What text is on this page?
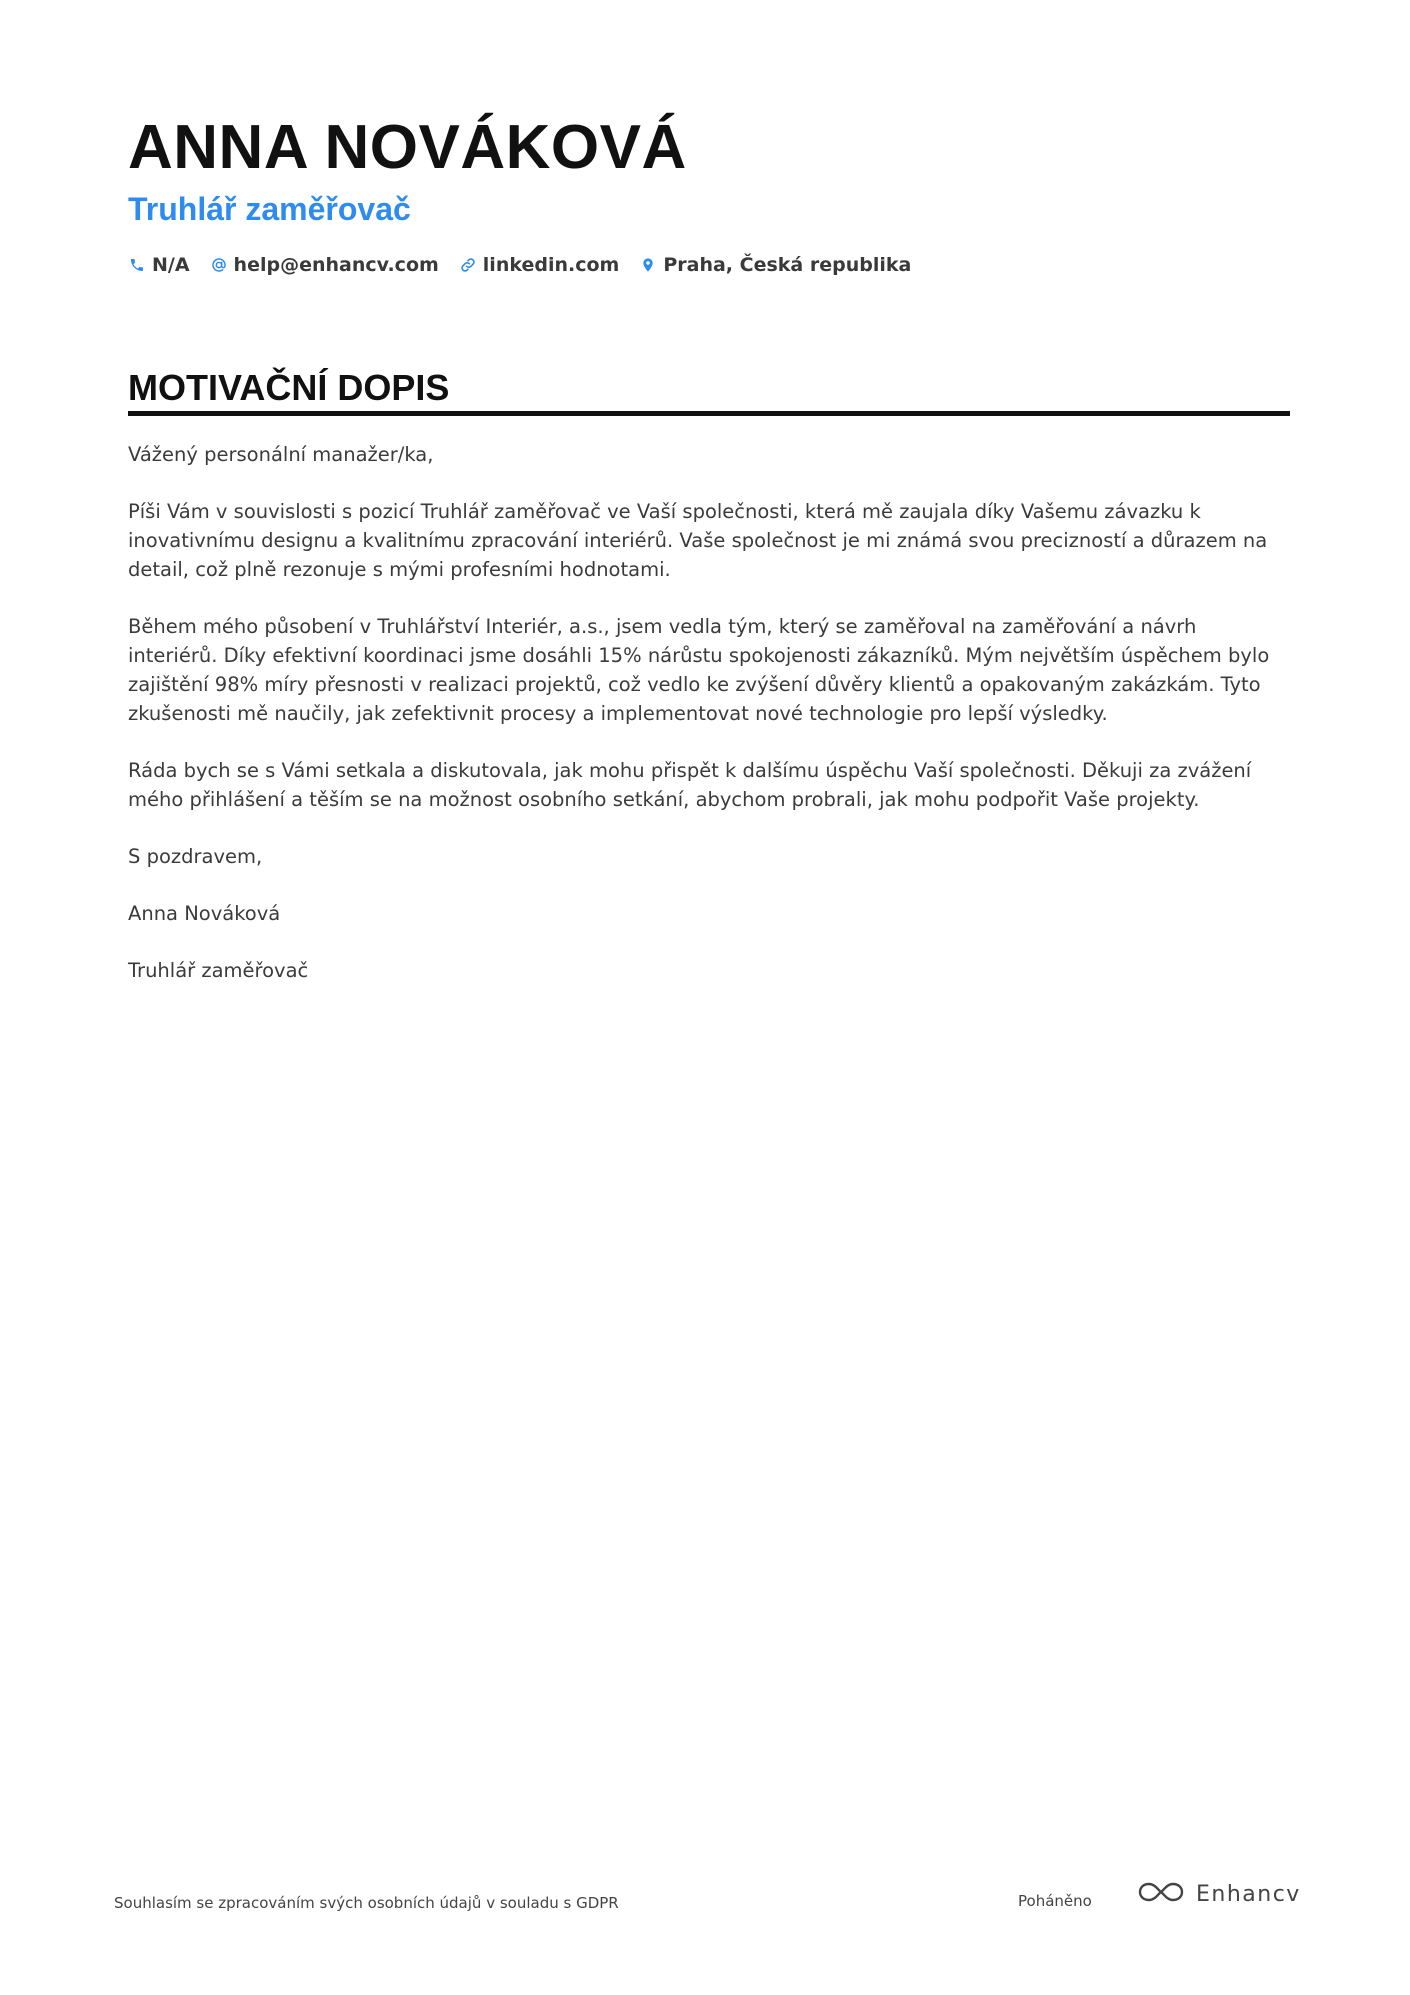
ANNA NOVÁKOVÁ
Truhlář zaměřovač
N/A help@enhancv.com linkedin.com Praha, Česká republika
MOTIVAČNÍ DOPIS

Vážený personální manažer/ka,

Píši Vám v souvislosti s pozicí Truhlář zaměřovač ve Vaší společnosti, která mě zaujala díky Vašemu závazku k inovativnímu designu a kvalitnímu zpracování interiérů. Vaše společnost je mi známá svou precizností a důrazem na detail, což plně rezonuje s mými profesními hodnotami.

Během mého působení v Truhlářství Interiér, a.s., jsem vedla tým, který se zaměřoval na zaměřování a návrh interiérů. Díky efektivní koordinaci jsme dosáhli 15% nárůstu spokojenosti zákazníků. Mým největším úspěchem bylo zajištění 98% míry přesnosti v realizaci projektů, což vedlo ke zvýšení důvěry klientů a opakovaným zakázkám. Tyto zkušenosti mě naučily, jak zefektivnit procesy a implementovat nové technologie pro lepší výsledky.

Ráda bych se s Vámi setkala a diskutovala, jak mohu přispět k dalšímu úspěchu Vaší společnosti. Děkuji za zvážení mého přihlášení a těším se na možnost osobního setkání, abychom probrali, jak mohu podpořit Vaše projekty.

S pozdravem,

Anna Nováková

Truhlář zaměřovač

Souhlasím se zpracováním svých osobních údajů v souladu s GDPR	Poháněno	Enhancv
